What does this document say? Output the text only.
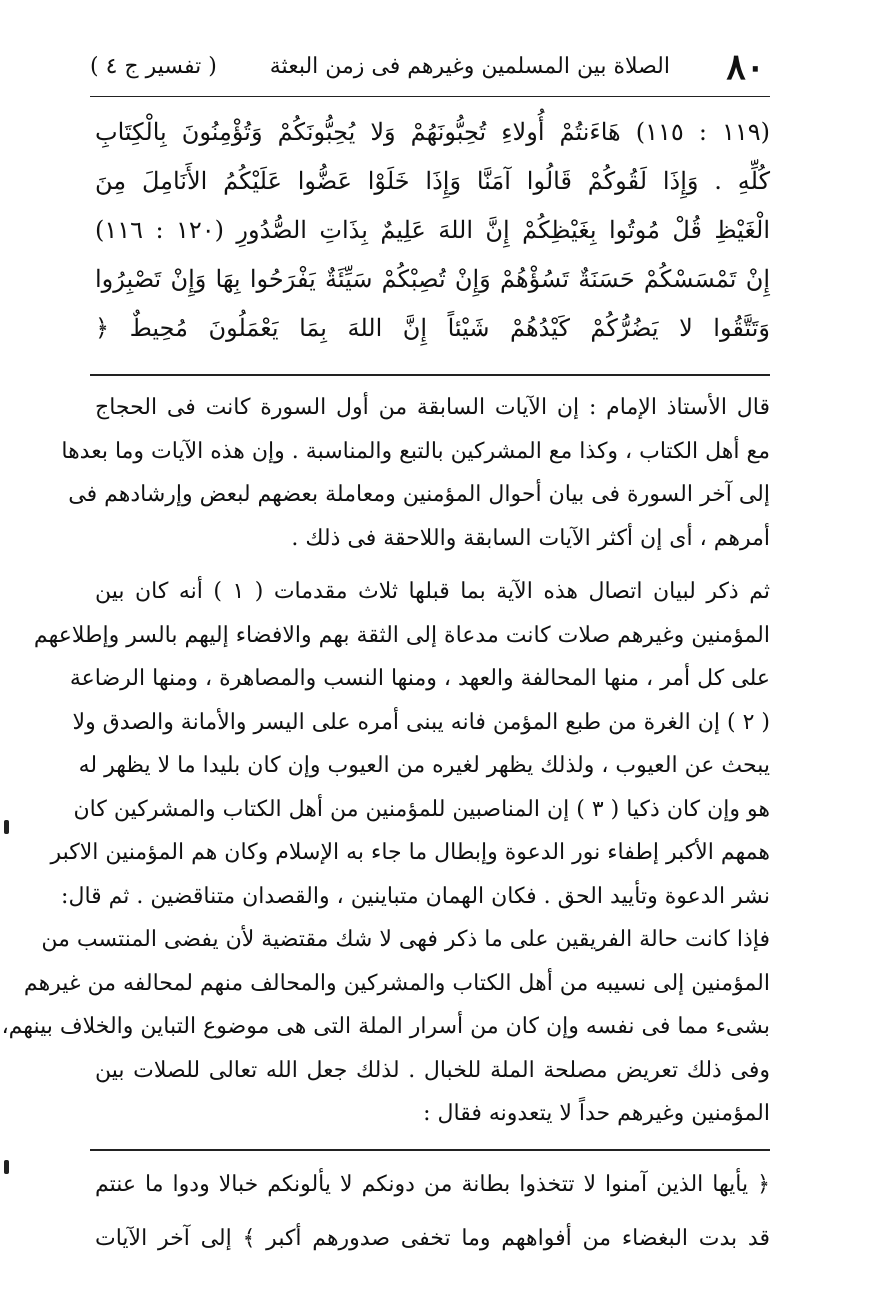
٨٠
الصلاة بين المسلمين وغيرهم فى زمن البعثة
( تفسير ج ٤ )
(١١٩ : ١١٥) هَاءَنتُمْ أُولاءِ تُحِبُّونَهُمْ وَلا يُحِبُّونَكُمْ وَتُؤْمِنُونَ بِالْكِتَابِ
كُلِّهِ . وَإِذَا لَقُوكُمْ قَالُوا آمَنَّا وَإِذَا خَلَوْا عَضُّوا عَلَيْكُمُ الأَنَامِلَ مِنَ
الْغَيْظِ قُلْ مُوتُوا بِغَيْظِكُمْ إِنَّ اللهَ عَلِيمٌ بِذَاتِ الصُّدُورِ (١٢٠ : ١١٦)
إِنْ تَمْسَسْكُمْ حَسَنَةٌ تَسُؤْهُمْ وَإِنْ تُصِبْكُمْ سَيِّئَةٌ يَفْرَحُوا بِهَا وَإِنْ تَصْبِرُوا
وَتَتَّقُوا لا يَضُرُّكُمْ كَيْدُهُمْ شَيْئاً إِنَّ اللهَ بِمَا يَعْمَلُونَ مُحِيطٌ ﴿

قال الأستاذ الإمام : إن الآيات السابقة من أول السورة كانت فى الحجاج
مع أهل الكتاب ، وكذا مع المشركين بالتبع والمناسبة . وإن هذه الآيات وما بعدها
إلى آخر السورة فى بيان أحوال المؤمنين ومعاملة بعضهم لبعض وإرشادهم فى
أمرهم ، أى إن أكثر الآيات السابقة واللاحقة فى ذلك .

ثم ذكر لبيان اتصال هذه الآية بما قبلها ثلاث مقدمات ( ١ ) أنه كان بين
المؤمنين وغيرهم صلات كانت مدعاة إلى الثقة بهم والافضاء إليهم بالسر وإطلاعهم
على كل أمر ، منها المحالفة والعهد ، ومنها النسب والمصاهرة ، ومنها الرضاعة
( ٢ ) إن الغرة من طبع المؤمن فانه يبنى أمره على اليسر والأمانة والصدق ولا
يبحث عن العيوب ، ولذلك يظهر لغيره من العيوب وإن كان بليدا ما لا يظهر له
هو وإن كان ذكيا ( ٣ ) إن المناصبين للمؤمنين من أهل الكتاب والمشركين كان
همهم الأكبر إطفاء نور الدعوة وإبطال ما جاء به الإسلام وكان هم المؤمنين الاكبر
نشر الدعوة وتأييد الحق . فكان الهمان متباينين ، والقصدان متناقضين . ثم قال:
فإذا كانت حالة الفريقين على ما ذكر فهى لا شك مقتضية لأن يفضى المنتسب من
المؤمنين إلى نسيبه من أهل الكتاب والمشركين والمحالف منهم لمحالفه من غيرهم
بشىء مما فى نفسه وإن كان من أسرار الملة التى هى موضوع التباين والخلاف بينهم،
وفى ذلك تعريض مصلحة الملة للخبال . لذلك جعل الله تعالى للصلات بين
المؤمنين وغيرهم حداً لا يتعدونه فقال :

﴿ يأيها الذين آمنوا لا تتخذوا بطانة من دونكم لا يألونكم خبالا ودوا ما عنتم
قد بدت البغضاء من أفواههم وما تخفى صدورهم أكبر ﴾ إلى آخر الآيات
